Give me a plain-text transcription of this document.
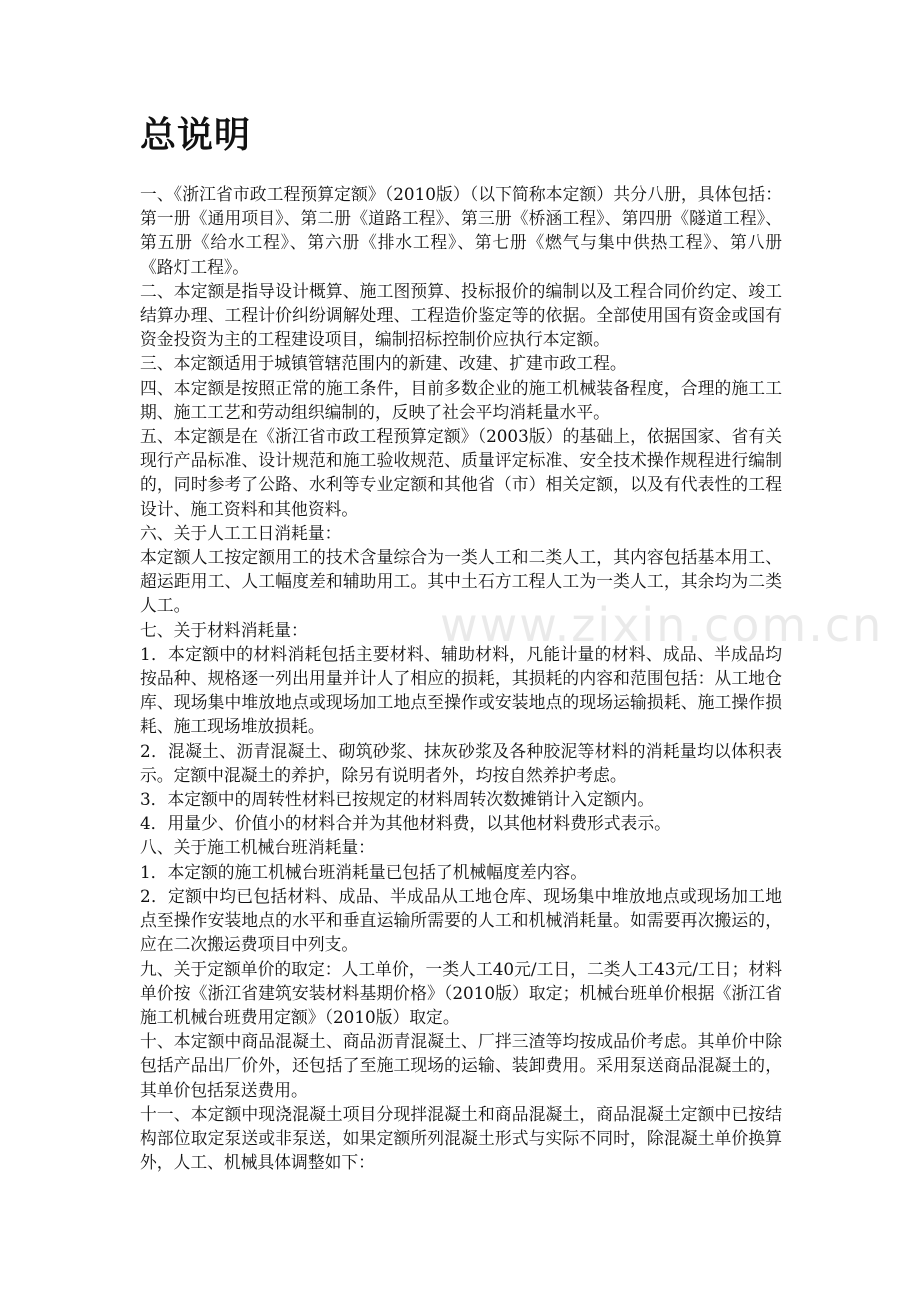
www.zixin.com.cn
总说明

一、《浙江省市政工程预算定额》（2010版）（以下简称本定额）共分八册，具体包括：第一册《通用项目》、第二册《道路工程》、第三册《桥涵工程》、第四册《隧道工程》、第五册《给水工程》、第六册《排水工程》、第七册《燃气与集中供热工程》、第八册《路灯工程》。

二、本定额是指导设计概算、施工图预算、投标报价的编制以及工程合同价约定、竣工结算办理、工程计价纠纷调解处理、工程造价鉴定等的依据。全部使用国有资金或国有资金投资为主的工程建设项目，编制招标控制价应执行本定额。

三、本定额适用于城镇管辖范围内的新建、改建、扩建市政工程。

四、本定额是按照正常的施工条件，目前多数企业的施工机械装备程度，合理的施工工期、施工工艺和劳动组织编制的，反映了社会平均消耗量水平。

五、本定额是在《浙江省市政工程预算定额》（2003版）的基础上，依据国家、省有关现行产品标准、设计规范和施工验收规范、质量评定标准、安全技术操作规程进行编制的，同时参考了公路、水利等专业定额和其他省（市）相关定额，以及有代表性的工程设计、施工资料和其他资料。

六、关于人工工日消耗量：

本定额人工按定额用工的技术含量综合为一类人工和二类人工，其内容包括基本用工、超运距用工、人工幅度差和辅助用工。其中土石方工程人工为一类人工，其余均为二类人工。

七、关于材料消耗量：

1．本定额中的材料消耗包括主要材料、辅助材料，凡能计量的材料、成品、半成品均按品种、规格逐一列出用量并计人了相应的损耗，其损耗的内容和范围包括：从工地仓库、现场集中堆放地点或现场加工地点至操作或安装地点的现场运输损耗、施工操作损耗、施工现场堆放损耗。

2．混凝土、沥青混凝土、砌筑砂浆、抹灰砂浆及各种胶泥等材料的消耗量均以体积表示。定额中混凝土的养护，除另有说明者外，均按自然养护考虑。

3．本定额中的周转性材料已按规定的材料周转次数摊销计入定额内。

4．用量少、价值小的材料合并为其他材料费，以其他材料费形式表示。

八、关于施工机械台班消耗量：

1．本定额的施工机械台班消耗量已包括了机械幅度差内容。

2．定额中均已包括材料、成品、半成品从工地仓库、现场集中堆放地点或现场加工地点至操作安装地点的水平和垂直运输所需要的人工和机械消耗量。如需要再次搬运的，应在二次搬运费项目中列支。

九、关于定额单价的取定：人工单价，一类人工40元/工日，二类人工43元/工日；材料单价按《浙江省建筑安装材料基期价格》（2010版）取定；机械台班单价根据《浙江省施工机械台班费用定额》（2010版）取定。

十、本定额中商品混凝土、商品沥青混凝土、厂拌三渣等均按成品价考虑。其单价中除包括产品出厂价外，还包括了至施工现场的运输、装卸费用。采用泵送商品混凝土的，其单价包括泵送费用。

十一、本定额中现浇混凝土项目分现拌混凝土和商品混凝土，商品混凝土定额中已按结构部位取定泵送或非泵送，如果定额所列混凝土形式与实际不同时，除混凝土单价换算外，人工、机械具体调整如下：
